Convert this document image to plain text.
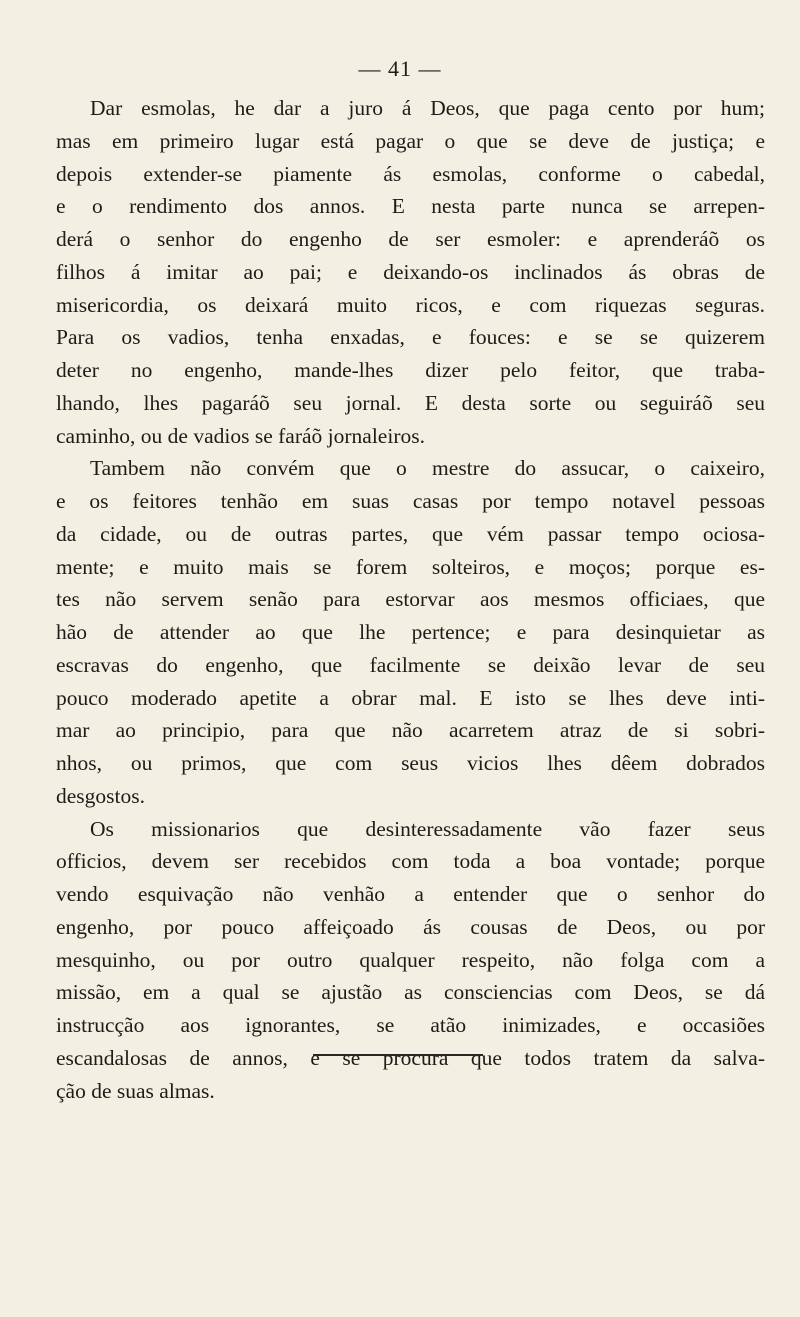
— 41 —
Dar esmolas, he dar a juro á Deos, que paga cento por hum;
mas em primeiro lugar está pagar o que se deve de justiça; e
depois extender-se piamente ás esmolas, conforme o cabedal,
e o rendimento dos annos. E nesta parte nunca se arrepen-
derá o senhor do engenho de ser esmoler: e aprenderáõ os
filhos á imitar ao pai; e deixando-os inclinados ás obras de
misericordia, os deixará muito ricos, e com riquezas seguras.
Para os vadios, tenha enxadas, e fouces: e se se quizerem
deter no engenho, mande-lhes dizer pelo feitor, que traba-
lhando, lhes pagaráõ seu jornal. E desta sorte ou seguiráõ seu
caminho, ou de vadios se faráõ jornaleiros.
Tambem não convém que o mestre do assucar, o caixeiro,
e os feitores tenhão em suas casas por tempo notavel pessoas
da cidade, ou de outras partes, que vém passar tempo ociosa-
mente; e muito mais se forem solteiros, e moços; porque es-
tes não servem senão para estorvar aos mesmos officiaes, que
hão de attender ao que lhe pertence; e para desinquietar as
escravas do engenho, que facilmente se deixão levar de seu
pouco moderado apetite a obrar mal. E isto se lhes deve inti-
mar ao principio, para que não acarretem atraz de si sobri-
nhos, ou primos, que com seus vicios lhes dêem dobrados
desgostos.
Os missionarios que desinteressadamente vão fazer seus
officios, devem ser recebidos com toda a boa vontade; porque
vendo esquivação não venhão a entender que o senhor do
engenho, por pouco affeiçoado ás cousas de Deos, ou por
mesquinho, ou por outro qualquer respeito, não folga com a
missão, em a qual se ajustão as consciencias com Deos, se dá
instrucção aos ignorantes, se atão inimizades, e occasiões
escandalosas de annos, e se procura que todos tratem da salva-
ção de suas almas.
